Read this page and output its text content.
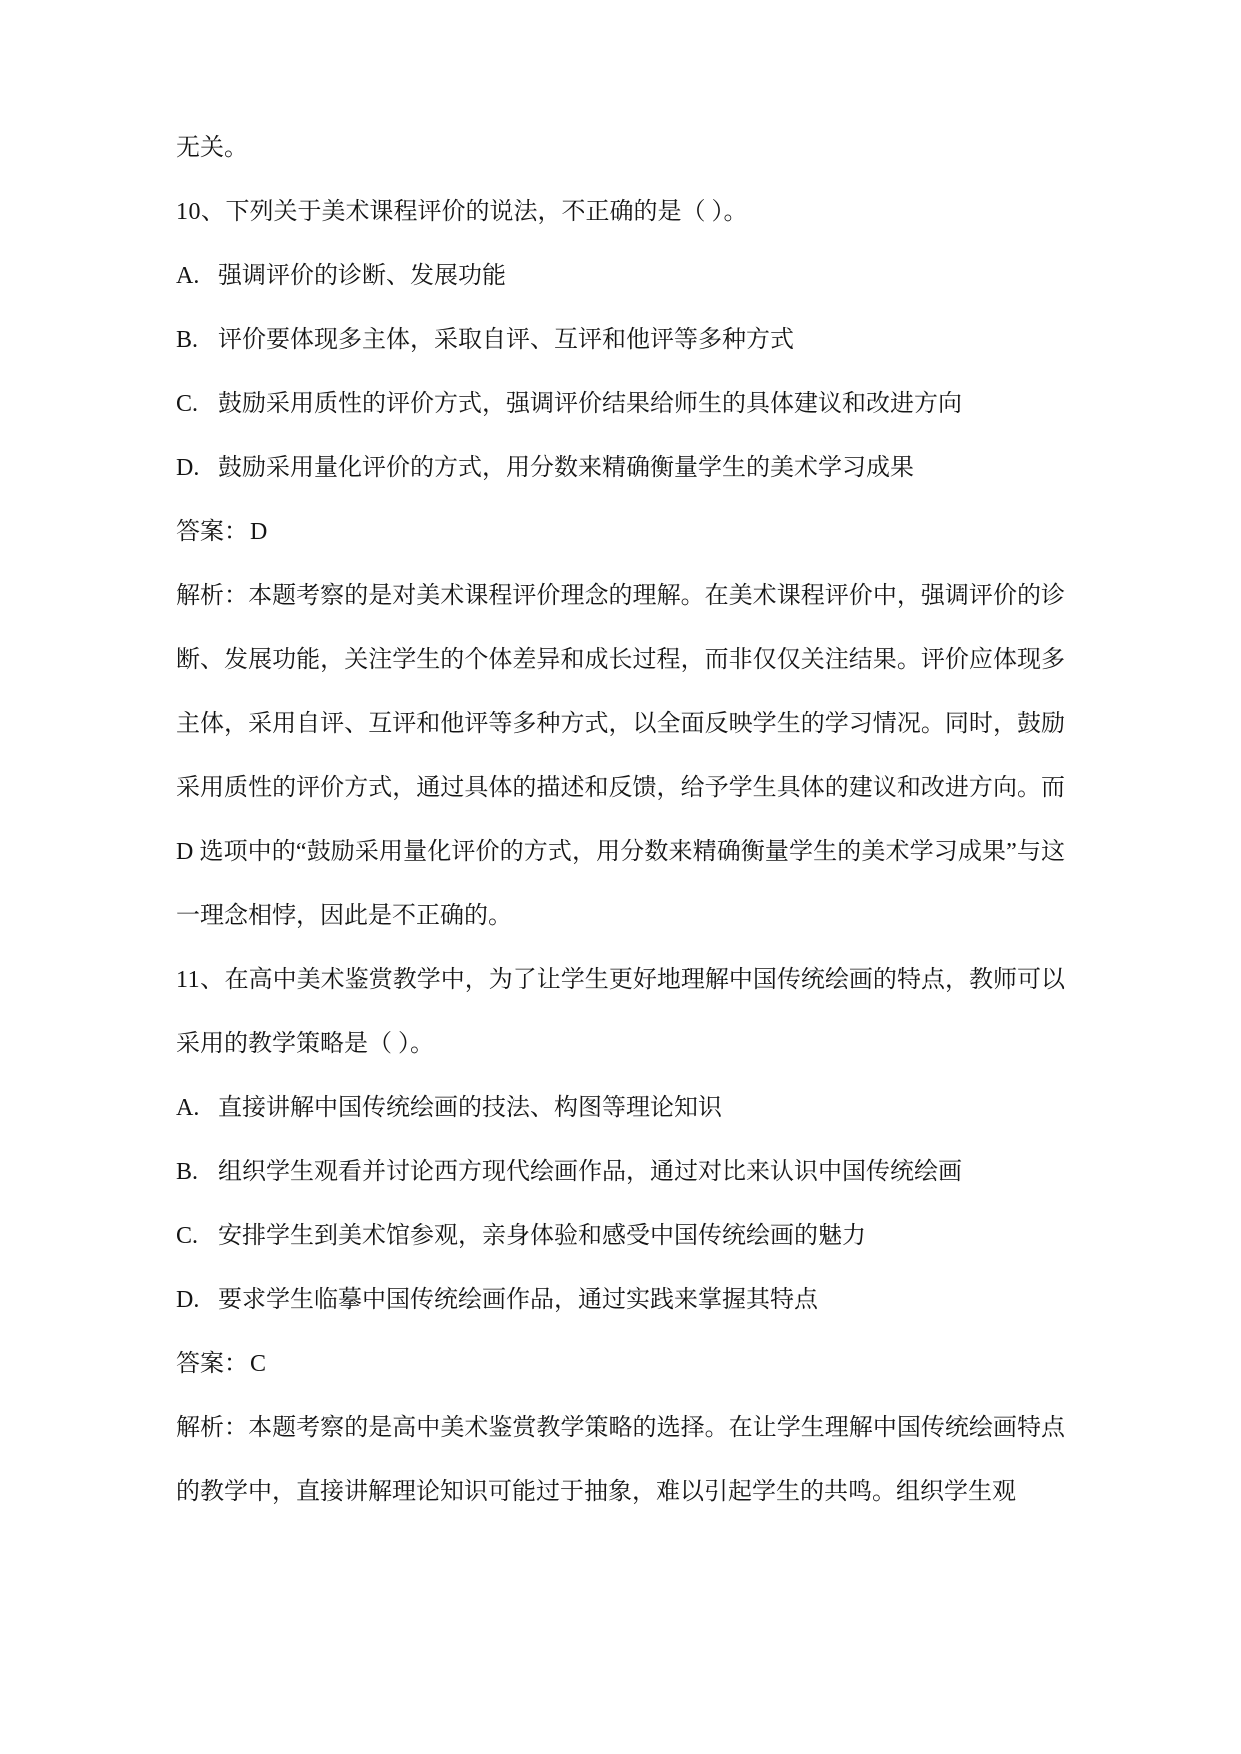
无关。

10、下列关于美术课程评价的说法，不正确的是（ ）。

A. 强调评价的诊断、发展功能

B. 评价要体现多主体，采取自评、互评和他评等多种方式

C. 鼓励采用质性的评价方式，强调评价结果给师生的具体建议和改进方向

D. 鼓励采用量化评价的方式，用分数来精确衡量学生的美术学习成果

答案：D

解析：本题考察的是对美术课程评价理念的理解。在美术课程评价中，强调评价的诊断、发展功能，关注学生的个体差异和成长过程，而非仅仅关注结果。评价应体现多主体，采用自评、互评和他评等多种方式，以全面反映学生的学习情况。同时，鼓励采用质性的评价方式，通过具体的描述和反馈，给予学生具体的建议和改进方向。而 D 选项中的“鼓励采用量化评价的方式，用分数来精确衡量学生的美术学习成果”与这一理念相悖，因此是不正确的。

11、在高中美术鉴赏教学中，为了让学生更好地理解中国传统绘画的特点，教师可以采用的教学策略是（ ）。

A. 直接讲解中国传统绘画的技法、构图等理论知识

B. 组织学生观看并讨论西方现代绘画作品，通过对比来认识中国传统绘画

C. 安排学生到美术馆参观，亲身体验和感受中国传统绘画的魅力

D. 要求学生临摹中国传统绘画作品，通过实践来掌握其特点

答案：C

解析：本题考察的是高中美术鉴赏教学策略的选择。在让学生理解中国传统绘画特点的教学中，直接讲解理论知识可能过于抽象，难以引起学生的共鸣。组织学生观
